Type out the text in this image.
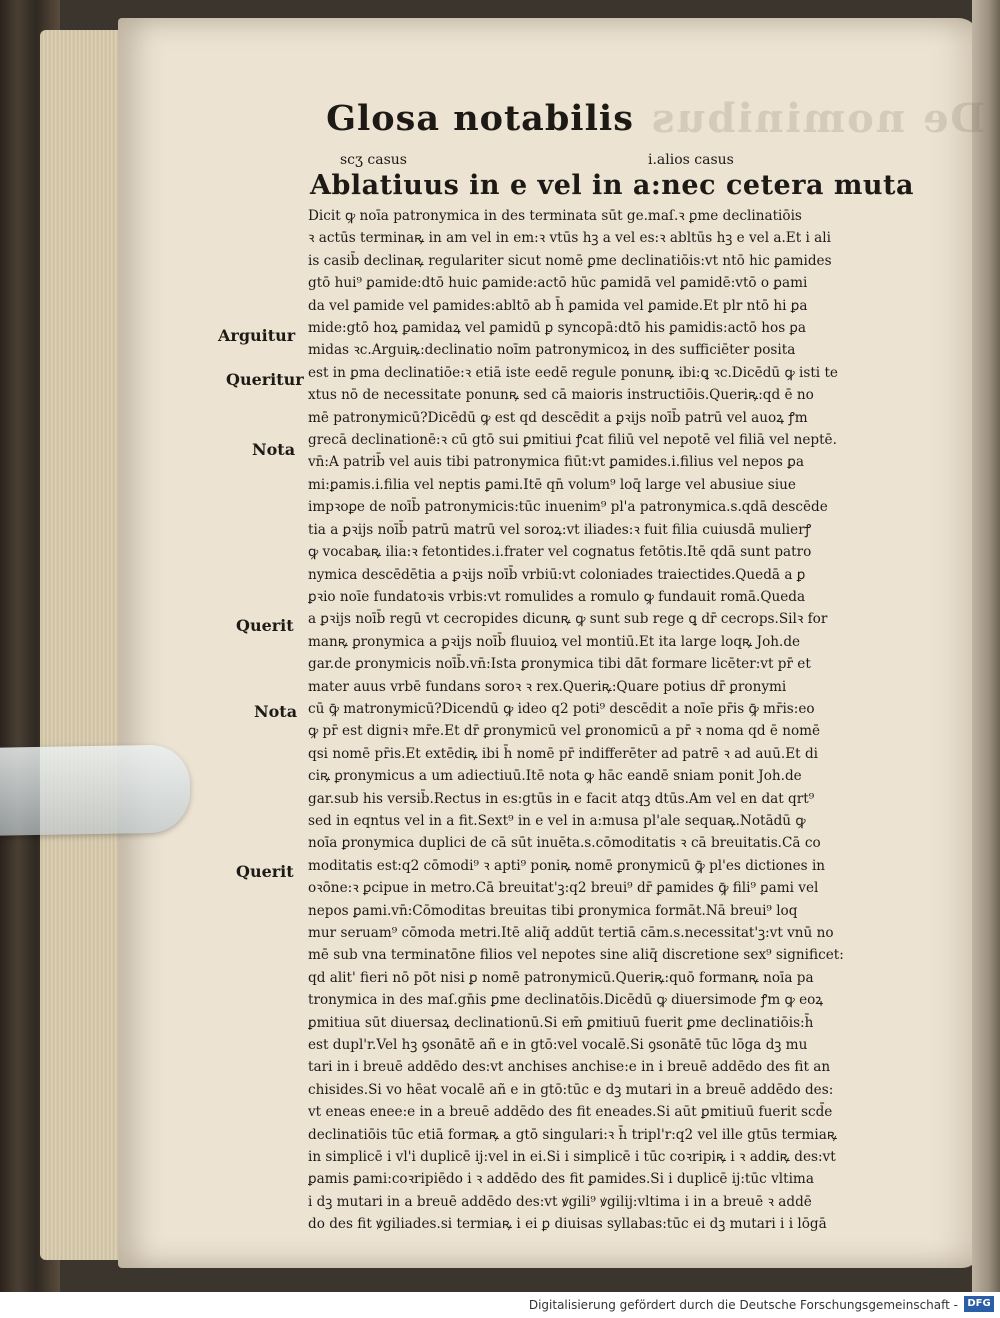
De nominibus
Glosa notabilis
scʒ casus	i.alios casus
Ablatiuus in e vel in a:nec cetera muta
Arguitur
Queritur
Nota
Querit
Nota
Querit
Dicit ꝙ noīa patronymica in des terminata sūt ge.maſ.ꝛ ꝑme declinatiōis
ꝛ actūs terminaꝶ in am vel in em:ꝛ vtūs hꝫ a vel es:ꝛ abltūs hꝫ e vel a.Et i ali
is casib̄ declinaꝶ regulariter sicut nomē ꝑme declinatiōis:vt ntō hic ꝑamides
gtō hui⁹ ꝑamide:dtō huic ꝑamide:actō hūc ꝑamidā vel ꝑamidē:vtō o ꝑami
da vel ꝑamide vel ꝑamides:abltō ab h̄ ꝑamida vel ꝑamide.Et plr ntō hi ꝑa
mide:gtō hoꝝ ꝑamidaꝝ vel ꝑamidū ꝑ syncopā:dtō his ꝑamidis:actō hos ꝑa
midas ꝛc.Arguiꝶ:declinatio noīm patronymicoꝝ in des sufficiēter posita
est in ꝑma declinatiōe:ꝛ etiā iste eedē regule ponunꝶ ibi:ꝗ ꝛc.Dicēdū ꝙ isti te
xtus nō de necessitate ponunꝶ sed cā maioris instructiōis.Queriꝶ:qd ē no
mē patronymicū?Dicēdū ꝙ est qd descēdit a ꝑꝛijs noīb̄ patrū vel auoꝝ ꝭm
grecā declinationē:ꝛ cū gtō sui ꝑmitiui ꝭcat filiū vel nepotē vel filiā vel neptē.
vn̄:A patrib̄ vel auis tibi patronymica fiūt:vt ꝑamides.i.filius vel nepos ꝑa
mi:ꝑamis.i.filia vel neptis ꝑami.Itē qn̄ volum⁹ loq̄ large vel abusiue siue
impꝛoꝑe de noīb̄ patronymicis:tūc inuenim⁹ pl'a patronymica.s.qdā descēde
tia a ꝑꝛijs noīb̄ patrū matrū vel soroꝝ:vt iliades:ꝛ fuit filia cuiusdā mulierꝭ
ꝙ vocabaꝶ ilia:ꝛ fetontides.i.frater vel cognatus fetōtis.Itē qdā sunt patro
nymica descēdētia a ꝑꝛijs noīb̄ vrbiū:vt coloniades traiectides.Quedā a ꝑ
ꝑꝛio noīe fundatoꝛis vrbis:vt romulides a romulo ꝙ fundauit romā.Queda
a ꝑꝛijs noīb̄ regū vt cecropides dicunꝶ ꝙ sunt sub rege ꝗ dr̄ cecrops.Silꝛ for
manꝶ ꝑronymica a ꝑꝛijs noīb̄ fluuioꝝ vel montiū.Et ita large loqꝶ Joh.de
gar.de ꝑronymicis noīb̄.vn̄:Ista ꝑronymica tibi dāt formare licēter:vt pr̄ et
mater auus vrbē fundans soroꝛ ꝛ rex.Queriꝶ:Quare potius dr̄ ꝑronymi
cū ꝙ̄ matronymicū?Dicendū ꝙ ideo q2 poti⁹ descēdit a noīe pr̄is ꝙ̄ mr̄is:eo
ꝙ pr̄ est digniꝛ mr̄e.Et dr̄ ꝑronymicū vel ꝑronomicū a pr̄ ꝛ noma qd ē nomē
qsi nomē pr̄is.Et extēdiꝶ ibi h̄ nomē pr̄ indifferēter ad patrē ꝛ ad auū.Et di
ciꝶ ꝑronymicus a um adiectiuū.Itē nota ꝙ hāc eandē sniam ponit Joh.de
gar.sub his versib̄.Rectus in es:gtūs in e facit atqꝫ dtūs.Am vel en dat qrt⁹
sed in eqntus vel in a fit.Sext⁹ in e vel in a:musa pl'ale sequaꝶ.Notādū ꝙ
noīa ꝑronymica duplici de cā sūt inuēta.s.cōmoditatis ꝛ cā breuitatis.Cā co
moditatis est:q2 cōmodi⁹ ꝛ apti⁹ poniꝶ nomē ꝑronymicū ꝙ̄ pl'es dictiones in
oꝛōne:ꝛ ꝑcipue in metro.Cā breuitat'ꝫ:q2 breui⁹ dr̄ ꝑamides ꝙ̄ fili⁹ ꝑami vel
nepos ꝑami.vn̄:Cōmoditas breuitas tibi ꝑronymica formāt.Nā breui⁹ loq
mur seruam⁹ cōmoda metri.Itē aliq̄ addūt tertiā cām.s.necessitat'ꝫ:vt vnū no
mē sub vna terminatōne filios vel nepotes sine aliq̄ discretione sex⁹ significet:
qd alit' fieri nō pōt nisi ꝑ nomē patronymicū.Queriꝶ:quō formanꝶ noīa pa
tronymica in des maſ.gn̄is ꝑme declinatōis.Dicēdū ꝙ diuersimode ꝭm ꝙ eoꝝ
ꝑmitiua sūt diuersaꝝ declinationū.Si em̄ ꝑmitiuū fuerit ꝑme declinatiōis:h̄
est dupl'r.Vel hꝫ ꝯsonātē añ e in gtō:vel vocalē.Si ꝯsonātē tūc lōga dꝫ mu
tari in i breuē addēdo des:vt anchises anchise:e in i breuē addēdo des fit an
chisides.Si vo hēat vocalē añ e in gtō:tūc e dꝫ mutari in a breuē addēdo des:
vt eneas enee:e in a breuē addēdo des fit eneades.Si aūt ꝑmitiuū fuerit scd̄e
declinatiōis tūc etiā formaꝶ a gtō singulari:ꝛ h̄ tripl'r:q2 vel ille gtūs termiaꝶ
in simplicē i vl'i duplicē ij:vel in ei.Si i simplicē i tūc coꝛripiꝶ i ꝛ addiꝶ des:vt
ꝑamis ꝑami:coꝛripiēdo i ꝛ addēdo des fit ꝑamides.Si i duplicē ij:tūc vltima
i dꝫ mutari in a breuē addēdo des:vt ꝟgili⁹ ꝟgilij:vltima i in a breuē ꝛ addē
do des fit ꝟgiliades.si termiaꝶ i ei ꝑ diuisas syllabas:tūc ei dꝫ mutari i i lōgā
Digitalisierung gefördert durch die Deutsche Forschungsgemeinschaft - DFG
